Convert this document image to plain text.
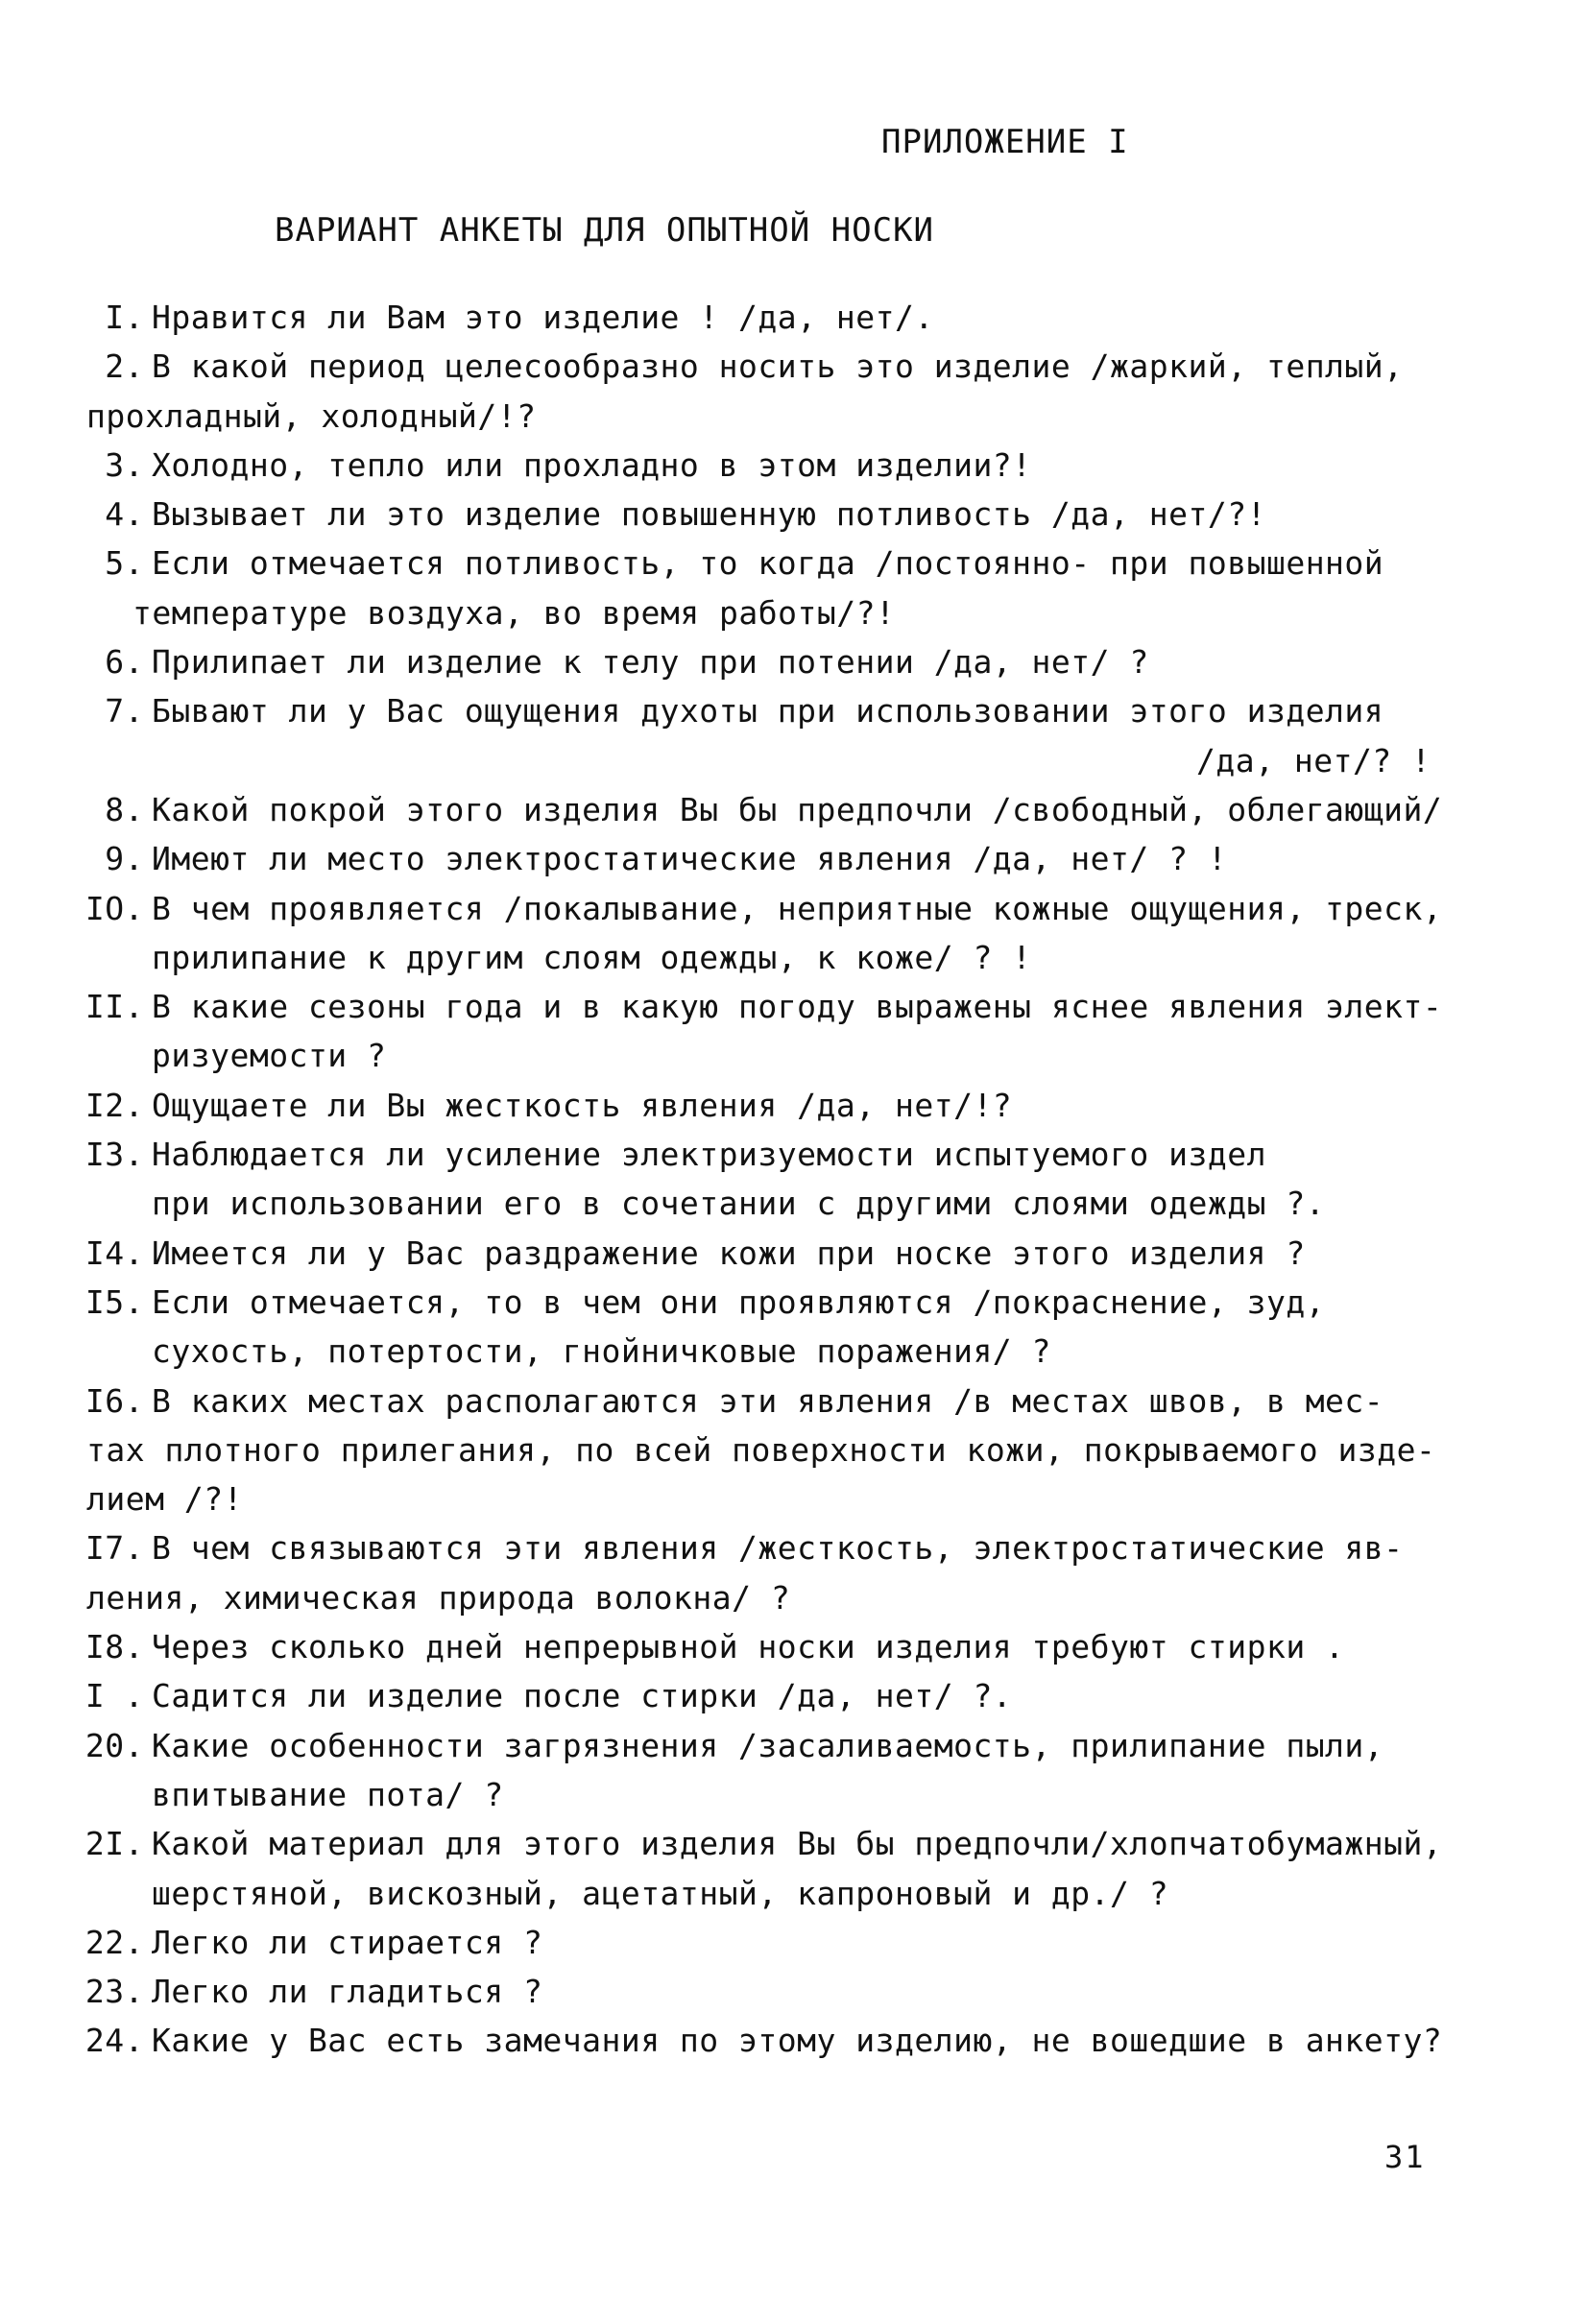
ПРИЛОЖЕНИЕ I
ВАРИАНТ АНКЕТЫ ДЛЯ ОПЫТНОЙ НОСКИ
I. Нравится ли Вам это изделие ! /да, нет/.
2. В какой период целесообразно носить это изделие /жаркий, теплый,
прохладный, холодный/!?
3. Холодно, тепло или прохладно в этом изделии?!
4. Вызывает ли это изделие повышенную потливость /да, нет/?!
5. Если отмечается потливость, то когда /постоянно- при повышенной
температуре воздуха, во время работы/?!
6. Прилипает ли изделие к телу при потении /да, нет/ ?
7. Бывают ли у Вас ощущения духоты при использовании этого изделия
/да, нет/? !
8. Какой покрой этого изделия Вы бы предпочли /свободный, облегающий/
9. Имеют ли место электростатические явления /да, нет/ ? !
IO. В чем проявляется /покалывание, неприятные кожные ощущения, треск,
прилипание к другим слоям одежды, к коже/ ? !
II. В какие сезоны года и в какую погоду выражены яснее явления элект-
ризуемости ?
I2. Ощущаете ли Вы жесткость явления /да, нет/!?
I3. Наблюдается ли усиление электризуемости испытуемого издел
при использовании его в сочетании с другими слоями одежды ?.
I4. Имеется ли у Вас раздражение кожи при носке этого изделия ?
I5. Если отмечается, то в чем они проявляются /покраснение, зуд,
сухость, потертости, гнойничковые поражения/ ?
I6. В каких местах располагаются эти явления /в местах швов, в мес-
тах плотного прилегания, по всей поверхности кожи, покрываемого изде-
лием /?!
I7. В чем связываются эти явления /жесткость, электростатические яв-
ления, химическая природа волокна/ ?
I8. Через сколько дней непрерывной носки изделия требуют стирки .
I . Садится ли изделие после стирки /да, нет/ ?.
20. Какие особенности загрязнения /засаливаемость, прилипание пыли,
впитывание пота/ ?
2I. Какой материал для этого изделия Вы бы предпочли/хлопчатобумажный,
шерстяной, вискозный, ацетатный, капроновый и др./ ?
22. Легко ли стирается ?
23. Легко ли гладиться ?
24. Какие у Вас есть замечания по этому изделию, не вошедшие в анкету?
31
